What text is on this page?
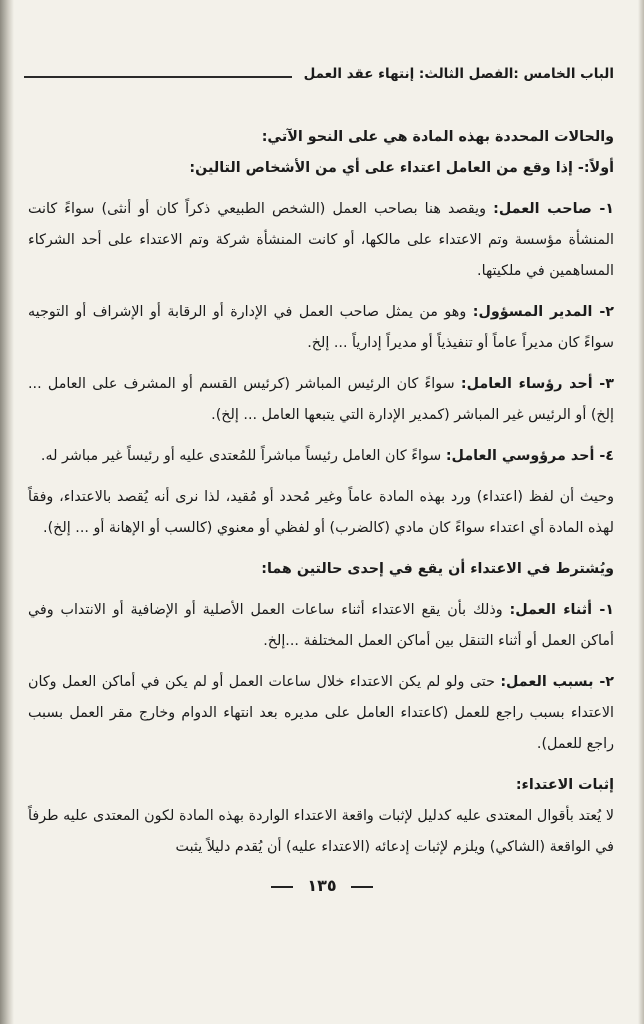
الباب الخامس :الفصل الثالث: إنتهاء عقد العمل

والحالات المحددة بهذه المادة هي على النحو الآتي:

أولاً:- إذا وقع من العامل اعتداء على أي من الأشخاص التالين:

١- صاحب العمل: ويقصد هنا بصاحب العمل (الشخص الطبيعي ذكراً كان أو أنثى) سواءً كانت المنشأة مؤسسة وتم الاعتداء على مالكها، أو كانت المنشأة شركة وتم الاعتداء على أحد الشركاء المساهمين في ملكيتها.

٢- المدير المسؤول: وهو من يمثل صاحب العمل في الإدارة أو الرقابة أو الإشراف أو التوجيه سواءً كان مديراً عاماً أو تنفيذياً أو مديراً إدارياً ... إلخ.

٣- أحد رؤساء العامل: سواءً كان الرئيس المباشر (كرئيس القسم أو المشرف على العامل ... إلخ) أو الرئيس غير المباشر (كمدير الإدارة التي يتبعها العامل ... إلخ).

٤- أحد مرؤوسي العامل: سواءً كان العامل رئيساً مباشراً للمُعتدى عليه أو رئيساً غير مباشر له.

وحيث أن لفظ (اعتداء) ورد بهذه المادة عاماً وغير مُحدد أو مُقيد، لذا نرى أنه يُقصد بالاعتداء، وفقاً لهذه المادة أي اعتداء سواءً كان مادي (كالضرب) أو لفظي أو معنوي (كالسب أو الإهانة أو ... إلخ).

ويُشترط في الاعتداء أن يقع في إحدى حالتين هما:

١- أثناء العمل: وذلك بأن يقع الاعتداء أثناء ساعات العمل الأصلية أو الإضافية أو الانتداب وفي أماكن العمل أو أثناء التنقل بين أماكن العمل المختلفة ...إلخ.

٢- بسبب العمل: حتى ولو لم يكن الاعتداء خلال ساعات العمل أو لم يكن في أماكن العمل وكان الاعتداء بسبب راجع للعمل (كاعتداء العامل على مديره بعد انتهاء الدوام وخارج مقر العمل بسبب راجع للعمل).

إثبات الاعتداء:

لا يُعتد بأقوال المعتدى عليه كدليل لإثبات واقعة الاعتداء الواردة بهذه المادة لكون المعتدى عليه طرفاً في الواقعة (الشاكي) ويلزم لإثبات إدعائه (الاعتداء عليه) أن يُقدم دليلاً يثبت

١٣٥
